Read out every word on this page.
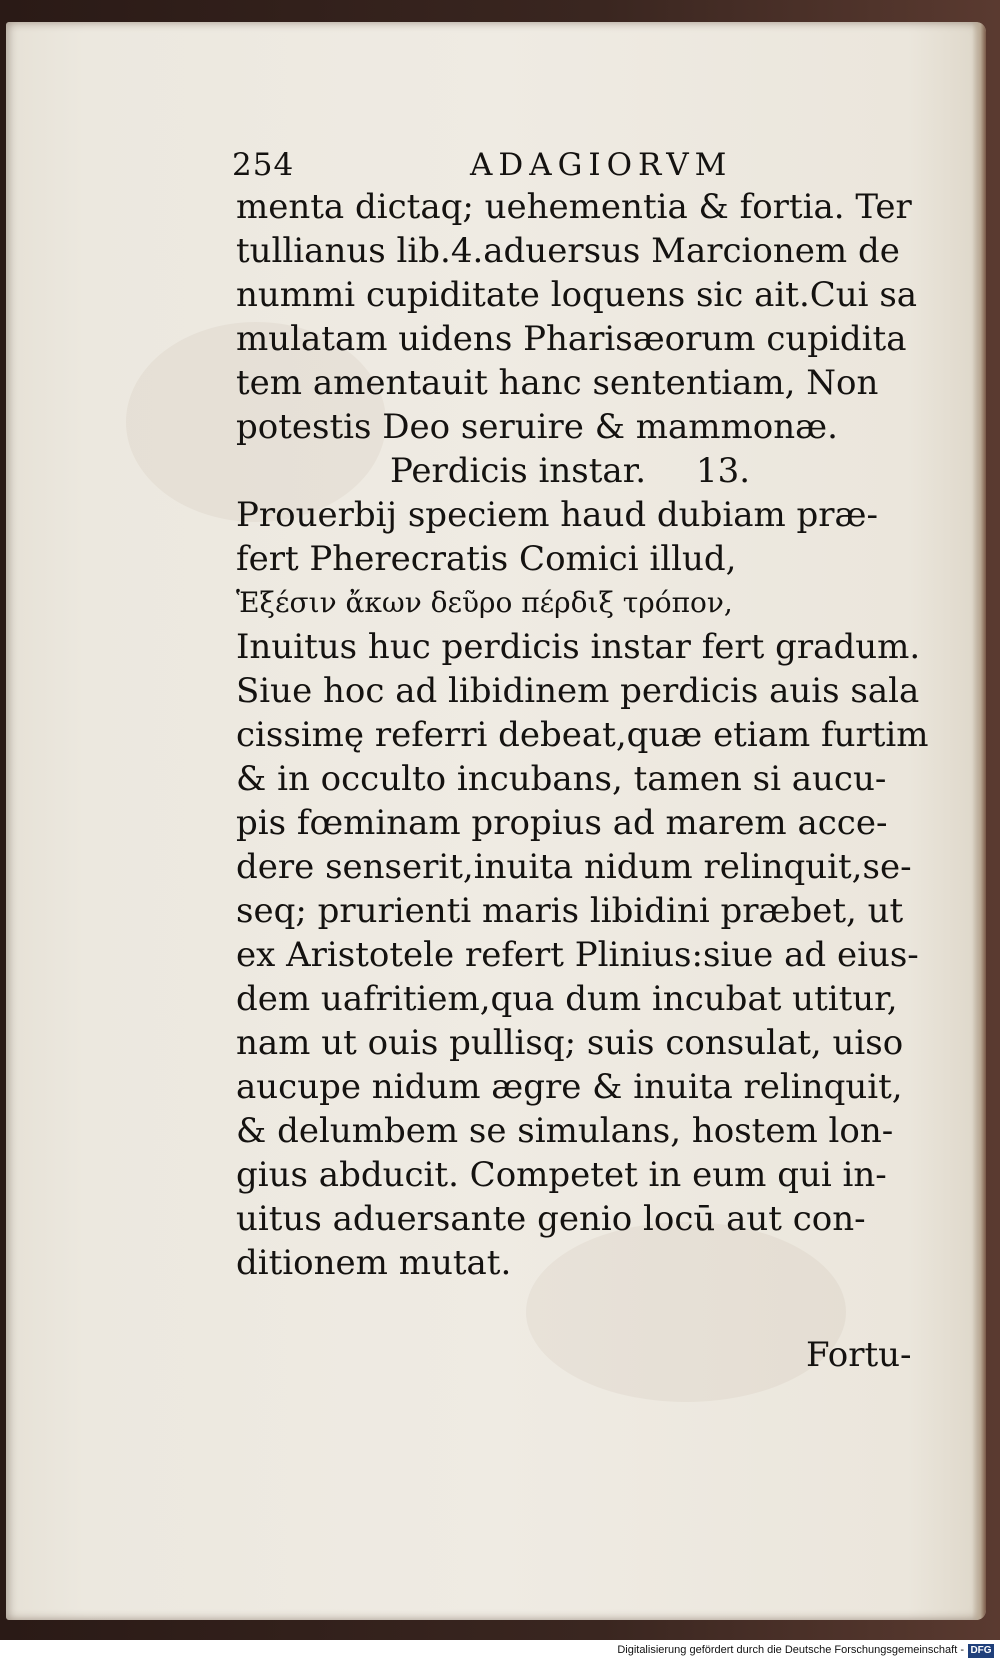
254	ADAGIORVM
menta dictaq; uehementia & fortia. Ter
tullianus lib.4.aduersus Marcionem de
nummi cupiditate loquens sic ait.Cui sa
mulatam uidens Pharisæorum cupidita
tem amentauit hanc sententiam, Non
potestis Deo seruire & mammonæ.
Perdicis instar. 13.
Prouerbij speciem haud dubiam præ-
fert Pherecratis Comici illud,
Ἑξέσιν ἄκων δεῦρο πέρδιξ τρόπον,
Inuitus huc perdicis instar fert gradum.
Siue hoc ad libidinem perdicis auis sala
cissimę referri debeat,quæ etiam furtim
& in occulto incubans, tamen si aucu-
pis fœminam propius ad marem acce-
dere senserit,inuita nidum relinquit,se-
seq; prurienti maris libidini præbet, ut
ex Aristotele refert Plinius:siue ad eius-
dem uafritiem,qua dum incubat utitur,
nam ut ouis pullisq; suis consulat, uiso
aucupe nidum ægre & inuita relinquit,
& delumbem se simulans, hostem lon-
gius abducit. Competet in eum qui in-
uitus aduersante genio locū aut con-
ditionem mutat.
Fortu-
Digitalisierung gefördert durch die Deutsche Forschungsgemeinschaft - DFG
